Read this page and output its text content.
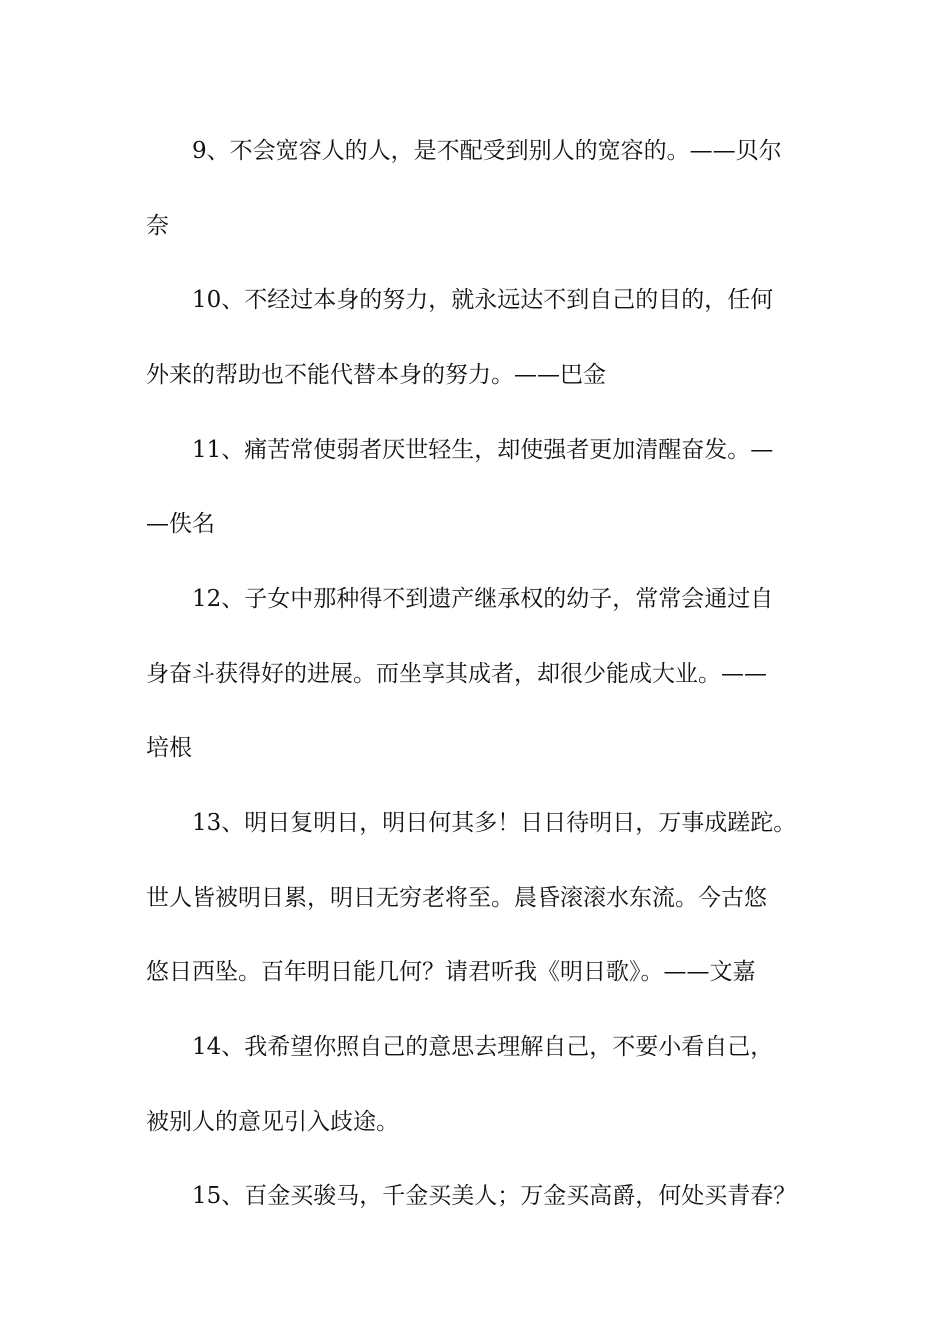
9、不会宽容人的人，是不配受到别人的宽容的。——贝尔
奈
10、不经过本身的努力，就永远达不到自己的目的，任何
外来的帮助也不能代替本身的努力。——巴金
11、痛苦常使弱者厌世轻生，却使强者更加清醒奋发。—
—佚名
12、子女中那种得不到遗产继承权的幼子，常常会通过自
身奋斗获得好的进展。而坐享其成者，却很少能成大业。——
培根
13、明日复明日，明日何其多！日日待明日，万事成蹉跎。
世人皆被明日累，明日无穷老将至。晨昏滚滚水东流。今古悠
悠日西坠。百年明日能几何？请君听我《明日歌》。——文嘉
14、我希望你照自己的意思去理解自己，不要小看自己，
被别人的意见引入歧途。
15、百金买骏马，千金买美人；万金买高爵，何处买青春？
